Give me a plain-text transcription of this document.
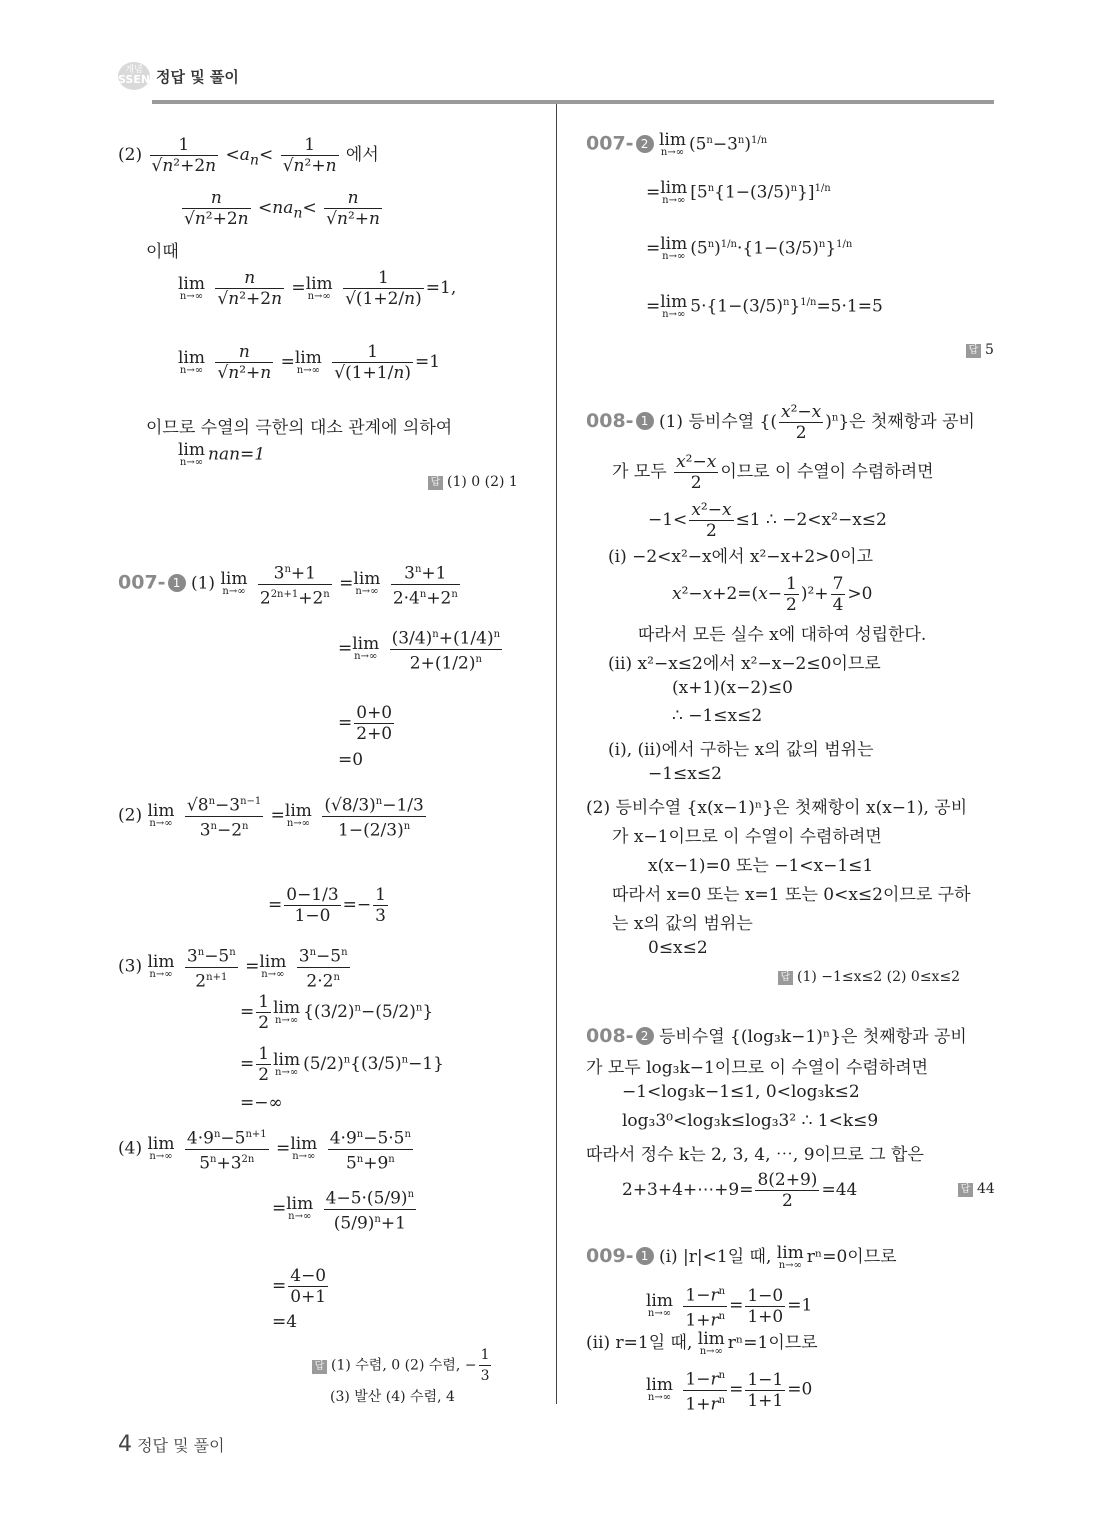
개념
SSEN 정답 및 풀이
$(2) \frac{1}{\text{√n²+2n}} <a_n< \frac{1}{\text{√n²+n}}$ 에서
$\frac{n}{\text{√n²+2n}} <na_n< \frac{n}{\text{√n²+n}}$
이때
lim
n→∞
$\frac{n}{\text{√n²+2n}} =\lim$
n→∞
$\frac{1}{√(1+2/n)} =1$,
lim
n→∞
$\frac{n}{\text{√n²+n}} =\lim$
n→∞
$\frac{1}{√(1+1/n)} =1$
이므로 수열의 극한의 대소 관계에 의하여
lim
n→∞ nan=1
답 (1) 0 (2) 1
007- 1 (1) lim
n→∞
$\frac{3^n+1}{2^{2n+1}+2^n} =\lim$
n→∞
$\frac{3^n+1}{2\cdot 4^n+2^n}$
=lim
n→∞
$\frac{(3/4)^n+(1/4)^n}{2+(1/2)^n}$
= $\frac{0+0}{2+0}$
=0
(2) lim
n→∞
$\frac{√8^n-3^{n-1}}{3^n-2^n} =\lim$
n→∞
$\frac{(√8/3)^n-1/3}{1-(2/3)^n}$
= $\frac{0-1/3}{1-0} =- \frac{1}{3}$
(3) lim
n→∞
$\frac{3^n-5^n}{2^{n+1}} =\lim$
n→∞
$\frac{3^n-5^n}{2\cdot 2^n}$
= $\frac{1}{2}$ lim
n→∞ $\{(3/2)^n-(5/2)^n\}$
= $\frac{1}{2}$ lim
n→∞ $(5/2)^n\{(3/5)^n-1\}$
=−∞
(4) lim
n→∞
$\frac{4\cdot 9^n-5^{n+1}}{5^n+3^{2n}} =\lim$
n→∞
$\frac{4\cdot 9^n-5\cdot 5^n}{5^n+9^n}$
=lim
n→∞
$\frac{4-5\cdot(5/9)^n}{(5/9)^n+1}$
= $\frac{4-0}{0+1}$
=4
답 (1) 수렴, 0 (2) 수렴, − $\frac{1}{3}$
(3) 발산 (4) 수렴, 4
007- 2 lim
n→∞ $(5^n-3^n)^{1/n}$
=lim
n→∞ $[5^n\{1-(3/5)^n\}]^{1/n}$
=lim
n→∞ $(5^n)^{1/n}\cdot\{1-(3/5)^n\}^{1/n}$
=lim
n→∞ $5\cdot\{1-(3/5)^n\}^{1/n}=5\cdot 1=5$
답 5
008- 1 (1) 등비수열 {( $\frac{\text{x²−x}}{2} )^n$}은 첫째항과 공비
가 모두 $\frac{\text{x²−x}}{2}$ 이므로 이 수열이 수렴하려면
$-1< \frac{\text{x²−x}}{2} \le 1$ ∴ −2<x²−x≤2
(ⅰ) −2<x²−x에서 x²−x+2>0이고
$x^2-x+2=(x- \frac{1}{2} )^2+ \frac{7}{4} >0$
따라서 모든 실수 x에 대하여 성립한다.
(ⅱ) x²−x≤2에서 x²−x−2≤0이므로
(x+1)(x−2)≤0
∴ −1≤x≤2
(ⅰ), (ⅱ)에서 구하는 x의 값의 범위는
−1≤x≤2
(2) 등비수열 {x(x−1)ⁿ}은 첫째항이 x(x−1), 공비
가 x−1이므로 이 수열이 수렴하려면
x(x−1)=0 또는 −1<x−1≤1
따라서 x=0 또는 x=1 또는 0<x≤2이므로 구하
는 x의 값의 범위는
0≤x≤2
답 (1) −1≤x≤2 (2) 0≤x≤2
008- 2 등비수열 {(log₃k−1)ⁿ}은 첫째항과 공비
가 모두 log₃k−1이므로 이 수열이 수렴하려면
−1<log₃k−1≤1, 0<log₃k≤2
log₃3⁰<log₃k≤log₃3² ∴ 1<k≤9
따라서 정수 k는 2, 3, 4, ⋯, 9이므로 그 합은
2+3+4+⋯+9= $\frac{8(2+9)}{2} =44$	답 44
009- 1 (ⅰ) |r|<1일 때, lim
n→∞ rⁿ=0이므로
lim
n→∞
$\frac{1-r^n}{1+r^n} = \frac{1-0}{1+0} =1$
(ⅱ) r=1일 때, lim
n→∞ rⁿ=1이므로
lim
n→∞
$\frac{1-r^n}{1+r^n} = \frac{1-1}{1+1} =0$
4 정답 및 풀이
